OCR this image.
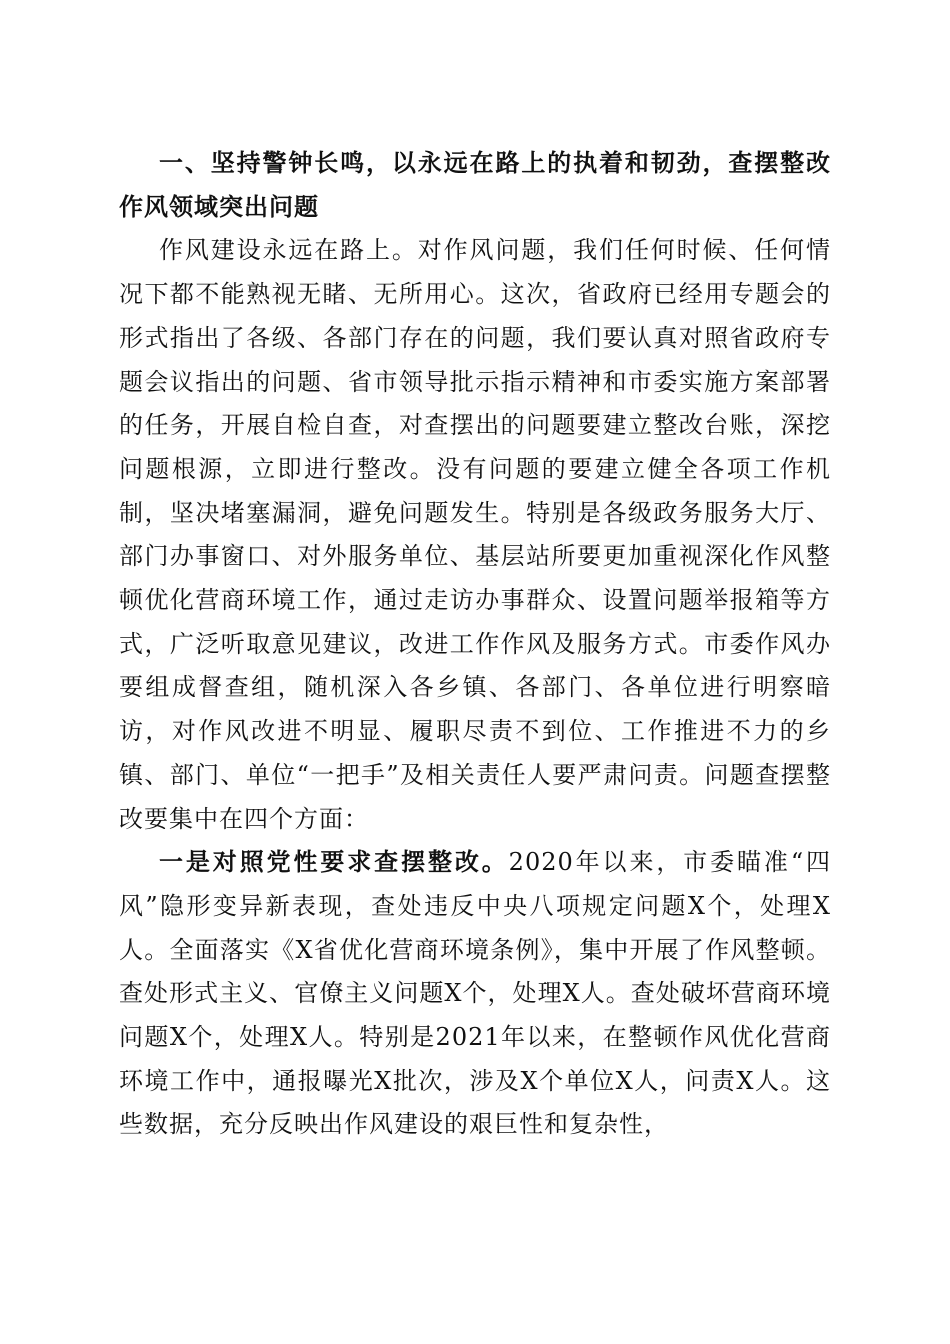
一、坚持警钟长鸣，以永远在路上的执着和韧劲，查摆整改作风领域突出问题

作风建设永远在路上。对作风问题，我们任何时候、任何情况下都不能熟视无睹、无所用心。这次，省政府已经用专题会的形式指出了各级、各部门存在的问题，我们要认真对照省政府专题会议指出的问题、省市领导批示指示精神和市委实施方案部署的任务，开展自检自查，对查摆出的问题要建立整改台账，深挖问题根源，立即进行整改。没有问题的要建立健全各项工作机制，坚决堵塞漏洞，避免问题发生。特别是各级政务服务大厅、部门办事窗口、对外服务单位、基层站所要更加重视深化作风整顿优化营商环境工作，通过走访办事群众、设置问题举报箱等方式，广泛听取意见建议，改进工作作风及服务方式。市委作风办要组成督查组，随机深入各乡镇、各部门、各单位进行明察暗访，对作风改进不明显、履职尽责不到位、工作推进不力的乡镇、部门、单位“一把手”及相关责任人要严肃问责。问题查摆整改要集中在四个方面：

一是对照党性要求查摆整改。2020年以来，市委瞄准“四风”隐形变异新表现，查处违反中央八项规定问题X个，处理X人。全面落实《X省优化营商环境条例》，集中开展了作风整顿。查处形式主义、官僚主义问题X个，处理X人。查处破坏营商环境问题X个，处理X人。特别是2021年以来，在整顿作风优化营商环境工作中，通报曝光X批次，涉及X个单位X人，问责X人。这些数据，充分反映出作风建设的艰巨性和复杂性，
